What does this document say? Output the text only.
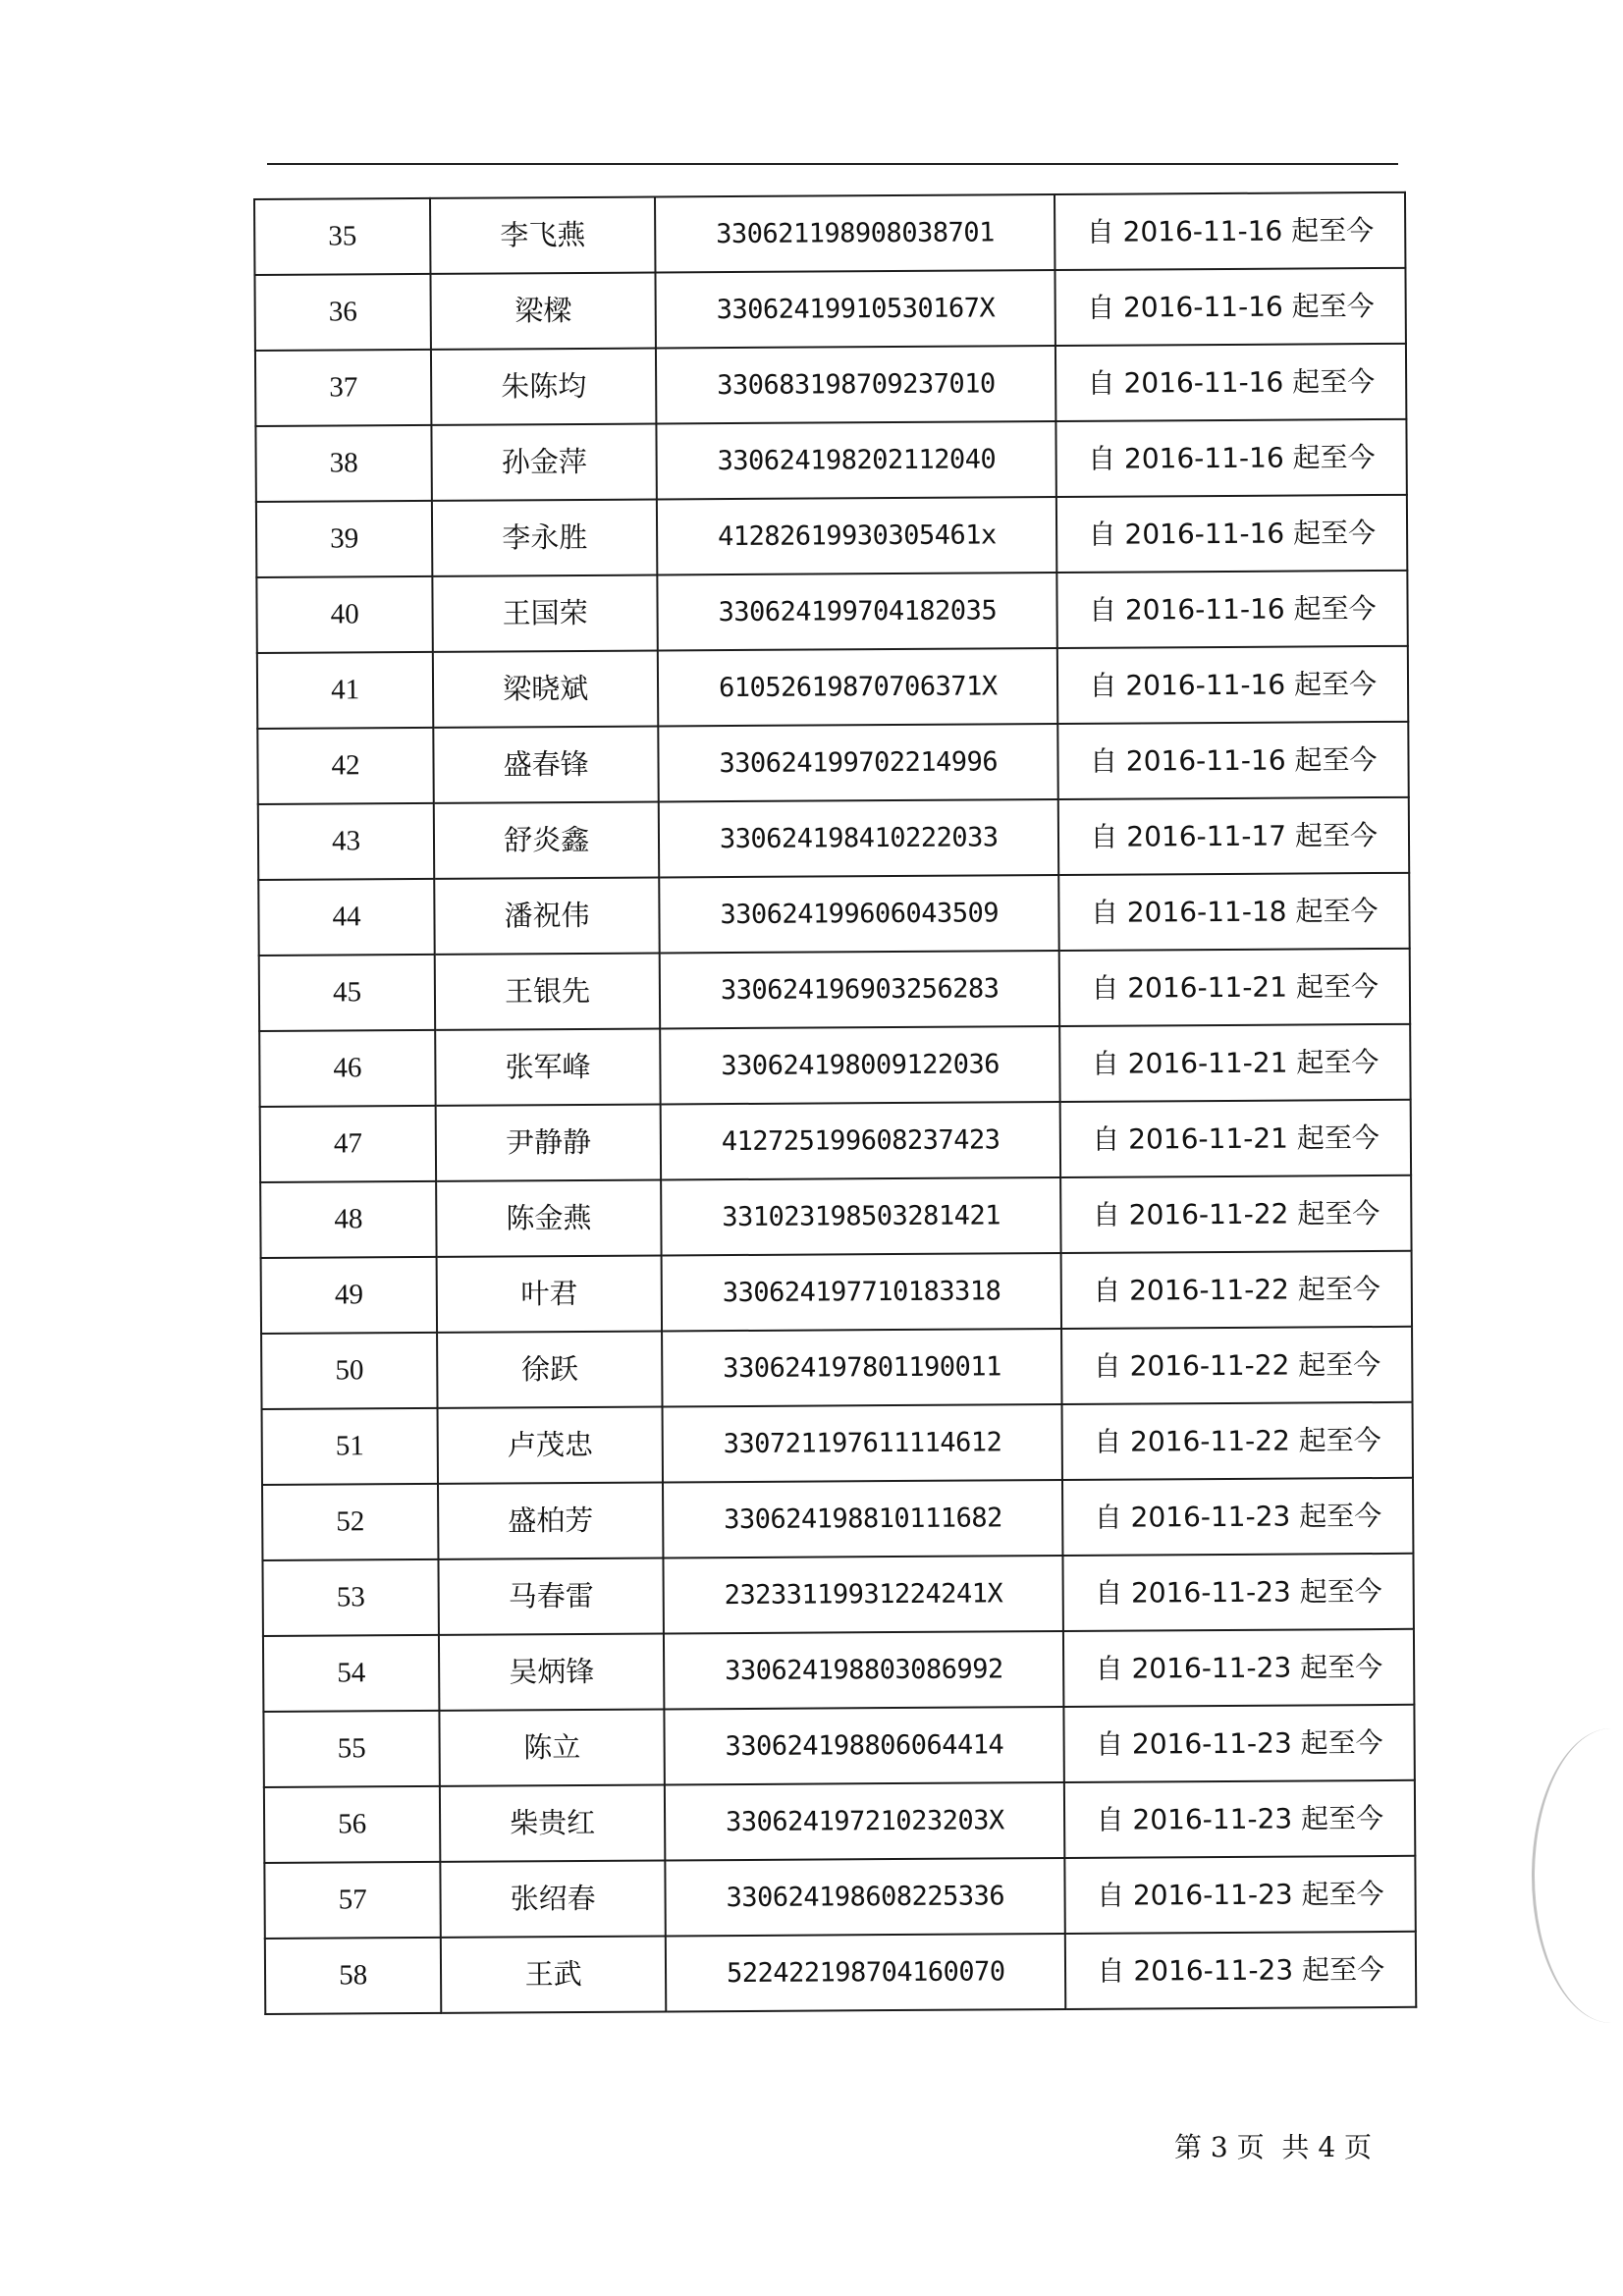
35	李飞燕	330621198908038701	自 2016-11-16 起至今
36	梁樑	33062419910530167X	自 2016-11-16 起至今
37	朱陈均	330683198709237010	自 2016-11-16 起至今
38	孙金萍	330624198202112040	自 2016-11-16 起至今
39	李永胜	41282619930305461x	自 2016-11-16 起至今
40	王国荣	330624199704182035	自 2016-11-16 起至今
41	梁晓斌	61052619870706371X	自 2016-11-16 起至今
42	盛春锋	330624199702214996	自 2016-11-16 起至今
43	舒炎鑫	330624198410222033	自 2016-11-17 起至今
44	潘祝伟	330624199606043509	自 2016-11-18 起至今
45	王银先	330624196903256283	自 2016-11-21 起至今
46	张军峰	330624198009122036	自 2016-11-21 起至今
47	尹静静	412725199608237423	自 2016-11-21 起至今
48	陈金燕	331023198503281421	自 2016-11-22 起至今
49	叶君	330624197710183318	自 2016-11-22 起至今
50	徐跃	330624197801190011	自 2016-11-22 起至今
51	卢茂忠	330721197611114612	自 2016-11-22 起至今
52	盛柏芳	330624198810111682	自 2016-11-23 起至今
53	马春雷	23233119931224241X	自 2016-11-23 起至今
54	吴炳锋	330624198803086992	自 2016-11-23 起至今
55	陈立	330624198806064414	自 2016-11-23 起至今
56	柴贵红	33062419721023203X	自 2016-11-23 起至今
57	张绍春	330624198608225336	自 2016-11-23 起至今
58	王武	522422198704160070	自 2016-11-23 起至今
第 3 页  共 4 页
